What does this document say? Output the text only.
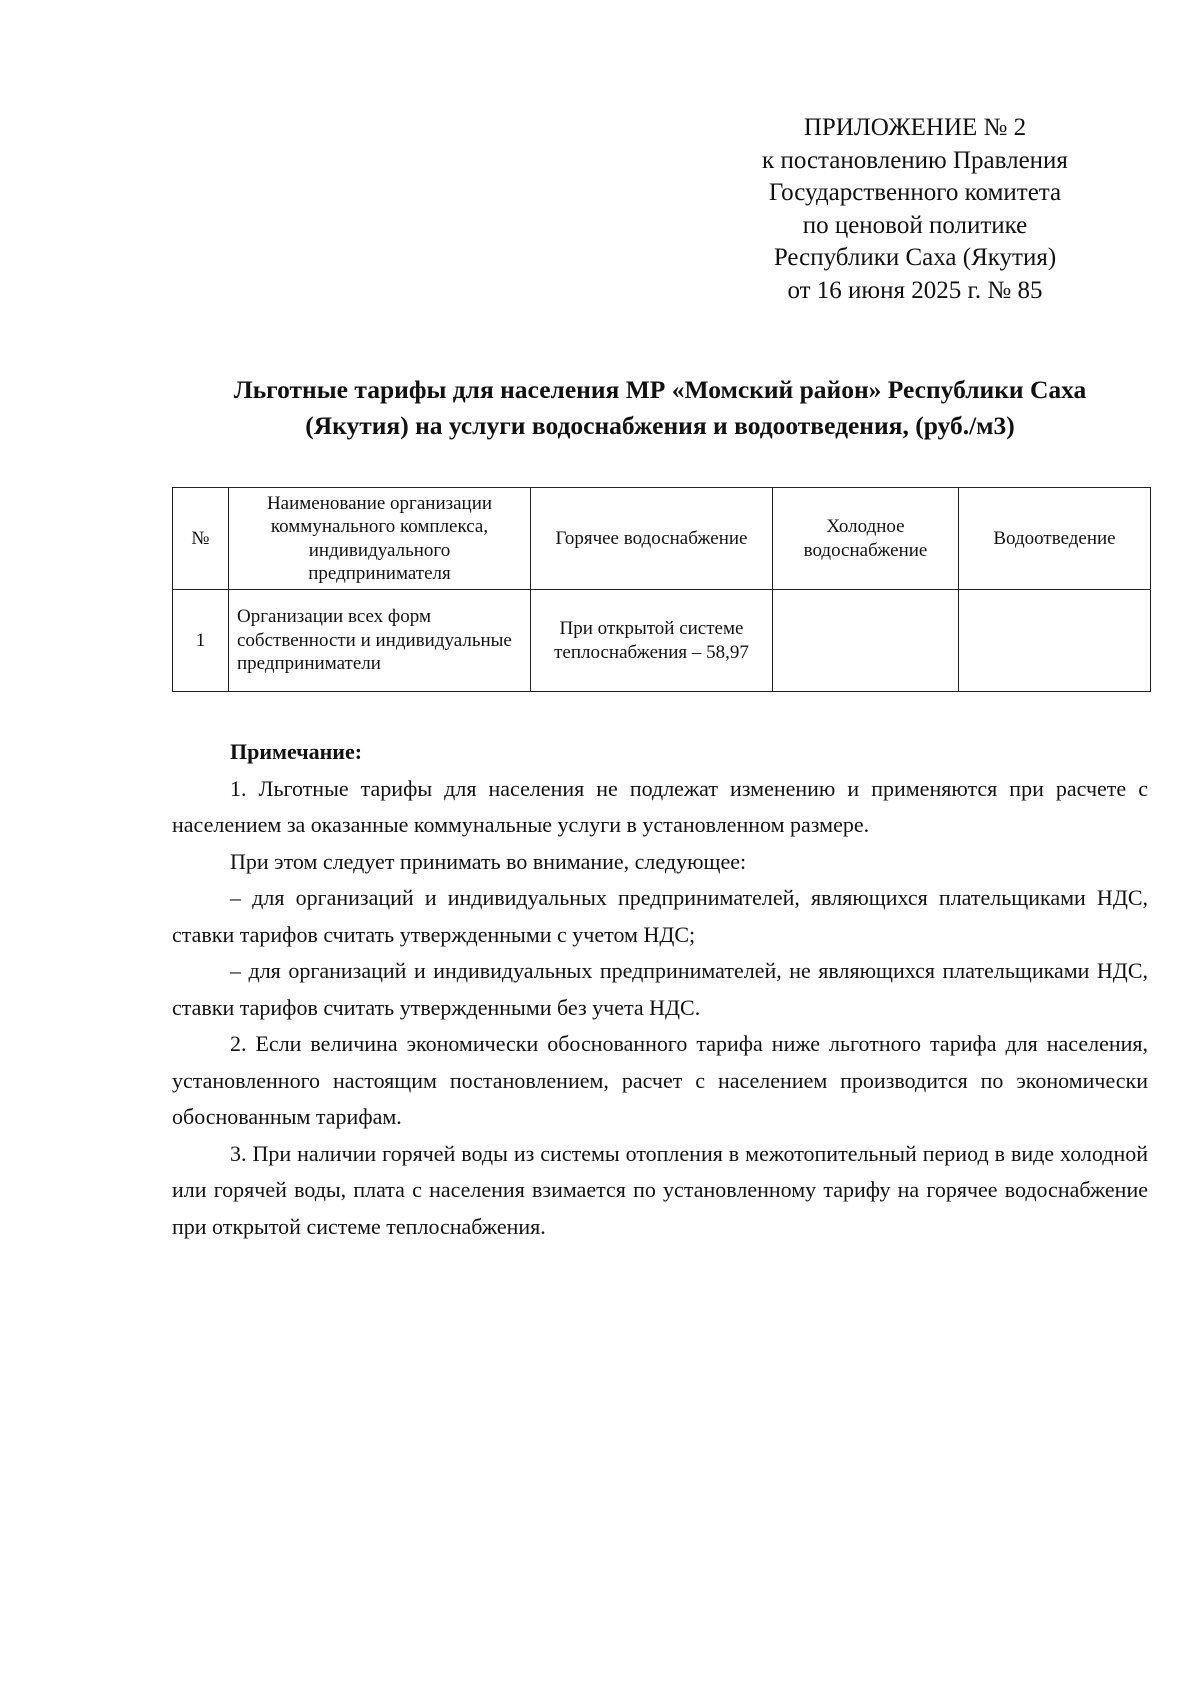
ПРИЛОЖЕНИЕ № 2
к постановлению Правления
Государственного комитета
по ценовой политике
Республики Саха (Якутия)
от 16 июня 2025 г. № 85
Льготные тарифы для населения МР «Момский район» Республики Саха
(Якутия) на услуги водоснабжения и водоотведения, (руб./м3)
№	Наименование организации коммунального комплекса, индивидуального предпринимателя	Горячее водоснабжение	Холодное водоснабжение	Водоотведение
1	Организации всех форм собственности и индивидуальные предприниматели	При открытой системе теплоснабжения – 58,97		
Примечание:

1. Льготные тарифы для населения не подлежат изменению и применяются при расчете с населением за оказанные коммунальные услуги в установленном размере.

При этом следует принимать во внимание, следующее:

– для организаций и индивидуальных предпринимателей, являющихся плательщиками НДС, ставки тарифов считать утвержденными с учетом НДС;

– для организаций и индивидуальных предпринимателей, не являющихся плательщиками НДС, ставки тарифов считать утвержденными без учета НДС.

2. Если величина экономически обоснованного тарифа ниже льготного тарифа для населения, установленного настоящим постановлением, расчет с населением производится по экономически обоснованным тарифам.

3. При наличии горячей воды из системы отопления в межотопительный период в виде холодной или горячей воды, плата с населения взимается по установленному тарифу на горячее водоснабжение при открытой системе теплоснабжения.
